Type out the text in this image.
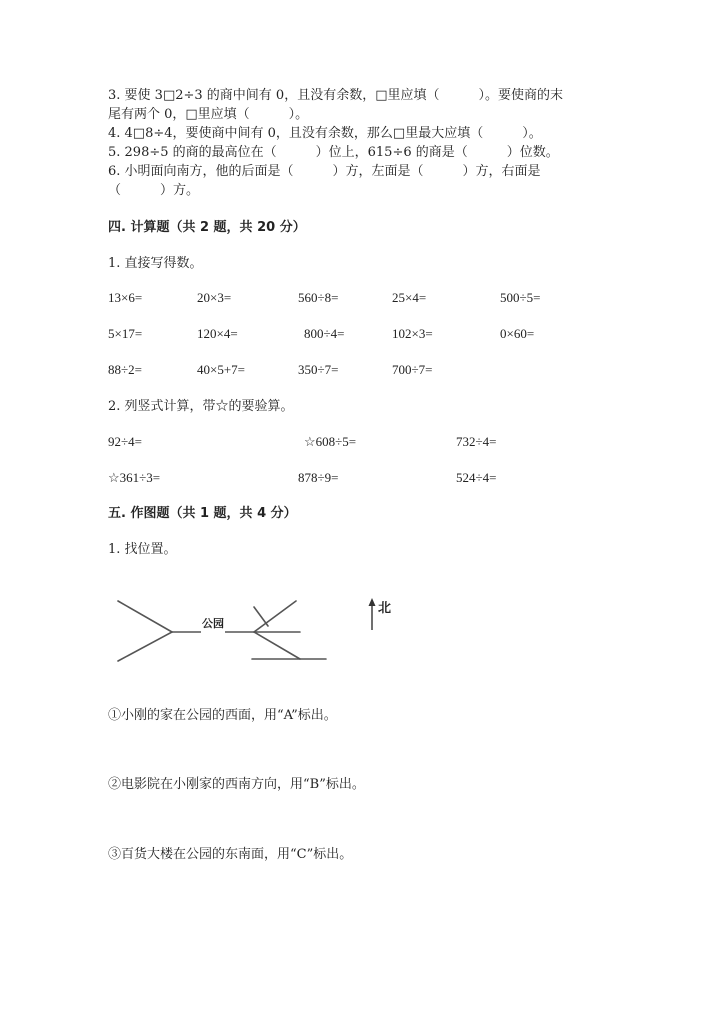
3. 要使 3□2÷3 的商中间有 0，且没有余数，□里应填（　　　）。要使商的末
尾有两个 0，□里应填（　　　）。
4. 4□8÷4，要使商中间有 0，且没有余数，那么□里最大应填（　　　）。
5. 298÷5 的商的最高位在（　　　）位上，615÷6 的商是（　　　）位数。
6. 小明面向南方，他的后面是（　　　）方，左面是（　　　）方，右面是
（　　　）方。
四. 计算题（共 2 题，共 20 分）
1. 直接写得数。
13×6=	20×3=	560÷8=	25×4=	500÷5=
5×17=	120×4=	800÷4=	102×3=	0×60=
88÷2=	40×5+7=	350÷7=	700÷7=
2. 列竖式计算，带☆的要验算。
92÷4=	☆608÷5=	732÷4=
☆361÷3=	878÷9=	524÷4=
五. 作图题（共 1 题，共 4 分）
1. 找位置。
公园
北
①小刚的家在公园的西面，用“A”标出。
②电影院在小刚家的西南方向，用“B”标出。
③百货大楼在公园的东南面，用“C”标出。
